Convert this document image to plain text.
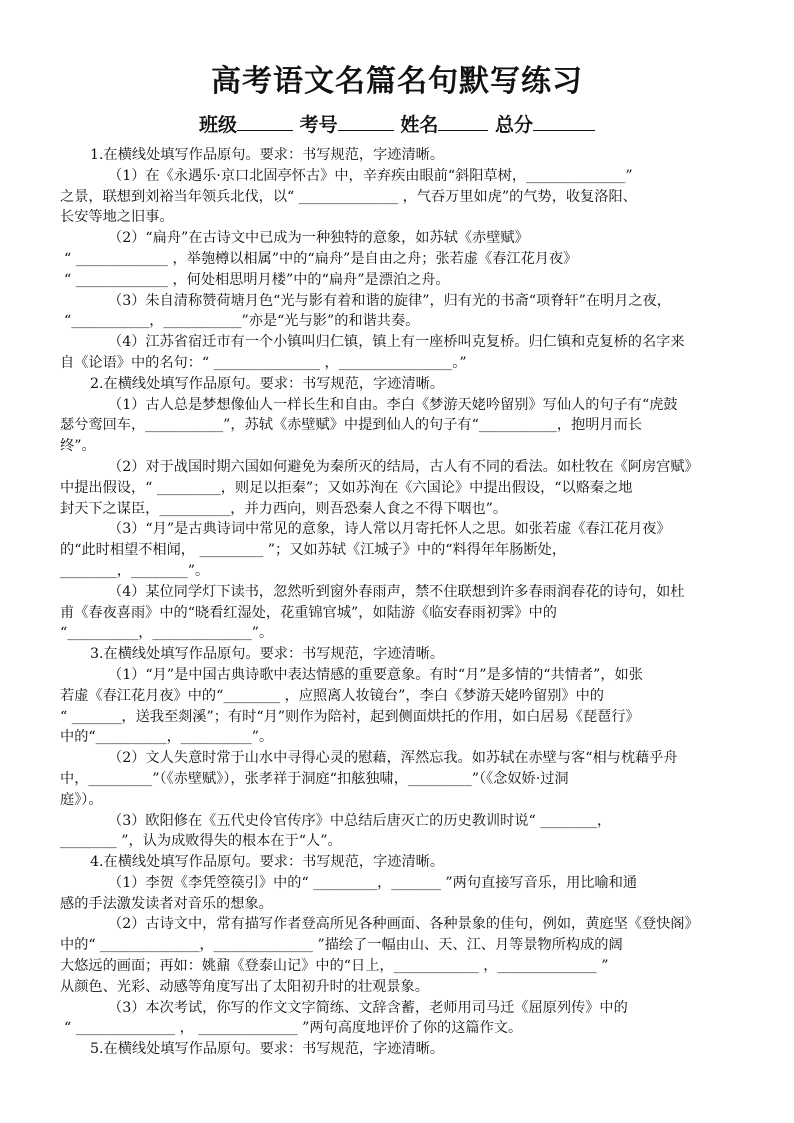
高考语文名篇名句默写练习
班级	考号	姓名	总分
1.在横线处填写作品原句。要求：书写规范，字迹清晰。
（1）在《永遇乐·京口北固亭怀古》中，辛弃疾由眼前“斜阳草树，______________”
之景，联想到刘裕当年领兵北伐，以“ ______________ ，气吞万里如虎”的气势，收复洛阳、
长安等地之旧事。
（2）“扁舟”在古诗文中已成为一种独特的意象，如苏轼《赤壁赋》
“ _____________ ，举匏樽以相属”中的“扁舟”是自由之舟；张若虚《春江花月夜》
“ _____________ ，何处相思明月楼”中的“扁舟”是漂泊之舟。
（3）朱自清称赞荷塘月色“光与影有着和谐的旋律”，归有光的书斋“项脊轩”在明月之夜，
“___________，___________”亦是“光与影”的和谐共奏。
（4）江苏省宿迁市有一个小镇叫归仁镇，镇上有一座桥叫克复桥。归仁镇和克复桥的名字来
自《论语》中的名句：“ _______________ ，________________。”
2.在横线处填写作品原句。要求：书写规范，字迹清晰。
（1）古人总是梦想像仙人一样长生和自由。李白《梦游天姥吟留别》写仙人的句子有“虎鼓
瑟兮鸾回车，___________”，苏轼《赤壁赋》中提到仙人的句子有“___________，抱明月而长
终”。
（2）对于战国时期六国如何避免为秦所灭的结局，古人有不同的看法。如杜牧在《阿房宫赋》
中提出假设，“ _________，则足以拒秦”；又如苏洵在《六国论》中提出假设，“以赂秦之地
封天下之谋臣，__________，并力西向，则吾恐秦人食之不得下咽也”。
（3）“月”是古典诗词中常见的意象，诗人常以月寄托怀人之思。如张若虚《春江花月夜》
的“此时相望不相闻， _________ ”；又如苏轼《江城子》中的“料得年年肠断处，
________，________”。
（4）某位同学灯下读书，忽然听到窗外春雨声，禁不住联想到许多春雨润春花的诗句，如杜
甫《春夜喜雨》中的“晓看红湿处，花重锦官城”，如陆游《临安春雨初霁》中的
“__________，______________”。
3.在横线处填写作品原句。要求：书写规范，字迹清晰。
（1）“月”是中国古典诗歌中表达情感的重要意象。有时“月”是多情的“共情者”，如张
若虚《春江花月夜》中的“________ ，应照离人妆镜台”，李白《梦游天姥吟留别》中的
“ _______，送我至剡溪”；有时“月”则作为陪衬，起到侧面烘托的作用，如白居易《琵琶行》
中的“__________，__________”。
（2）文人失意时常于山水中寻得心灵的慰藉，浑然忘我。如苏轼在赤壁与客“相与枕藉乎舟
中，_________”（《赤壁赋》），张孝祥于洞庭“扣舷独啸，_________”（《念奴娇·过洞
庭》）。
（3）欧阳修在《五代史伶官传序》中总结后唐灭亡的历史教训时说“ ________，
________ ”，认为成败得失的根本在于“人”。
4.在横线处填写作品原句。要求：书写规范，字迹清晰。
（1）李贺《李凭箜篌引》中的“ _________，_______ ”两句直接写音乐，用比喻和通
感的手法激发读者对音乐的想象。
（2）古诗文中，常有描写作者登高所见各种画面、各种景象的佳句，例如，黄庭坚《登快阁》
中的“ ______________，______________ ”描绘了一幅由山、天、江、月等景物所构成的阔
大悠远的画面；再如：姚鼐《登泰山记》中的“日上，____________ ，______________ ”
从颜色、光彩、动感等角度写出了太阳初升时的壮观景象。
（3）本次考试，你写的作文文字简练、文辞含蓄，老师用司马迁《屈原列传》中的
“ ______________ ， ______________ ”两句高度地评价了你的这篇作文。
5.在横线处填写作品原句。要求：书写规范，字迹清晰。
